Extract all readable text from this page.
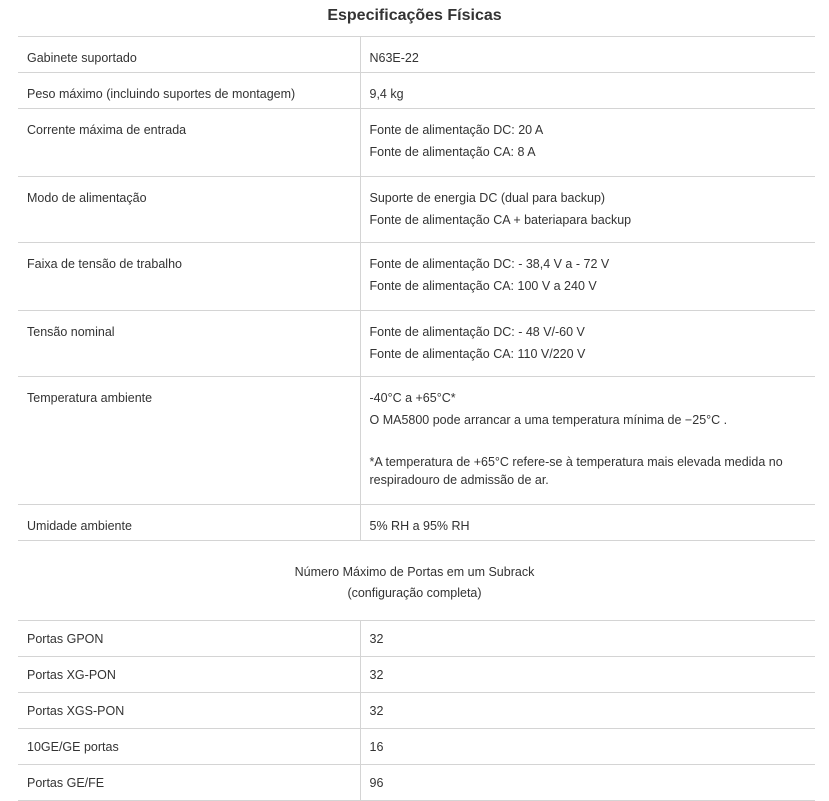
Especificações Físicas
Gabinete suportado	N63E-22

Peso máximo (incluindo suportes de montagem)	9,4 kg

Corrente máxima de entrada	Fonte de alimentação DC: 20 A
Fonte de alimentação CA: 8 A

Modo de alimentação	Suporte de energia DC (dual para backup)
Fonte de alimentação CA + bateriapara backup

Faixa de tensão de trabalho	Fonte de alimentação DC: - 38,4 V a - 72 V
Fonte de alimentação CA: 100 V a 240 V

Tensão nominal	Fonte de alimentação DC: - 48 V/-60 V
Fonte de alimentação CA: 110 V/220 V

Temperatura ambiente	-40°C a +65°C*
O MA5800 pode arrancar a uma temperatura mínima de −25°C .
*A temperatura de +65°C refere-se à temperatura mais elevada medida no respiradouro de admissão de ar.

Umidade ambiente	5% RH a 95% RH
Número Máximo de Portas em um Subrack
(configuração completa)
Portas GPON	32
Portas XG-PON	32
Portas XGS-PON	32
10GE/GE portas	16
Portas GE/FE	96
